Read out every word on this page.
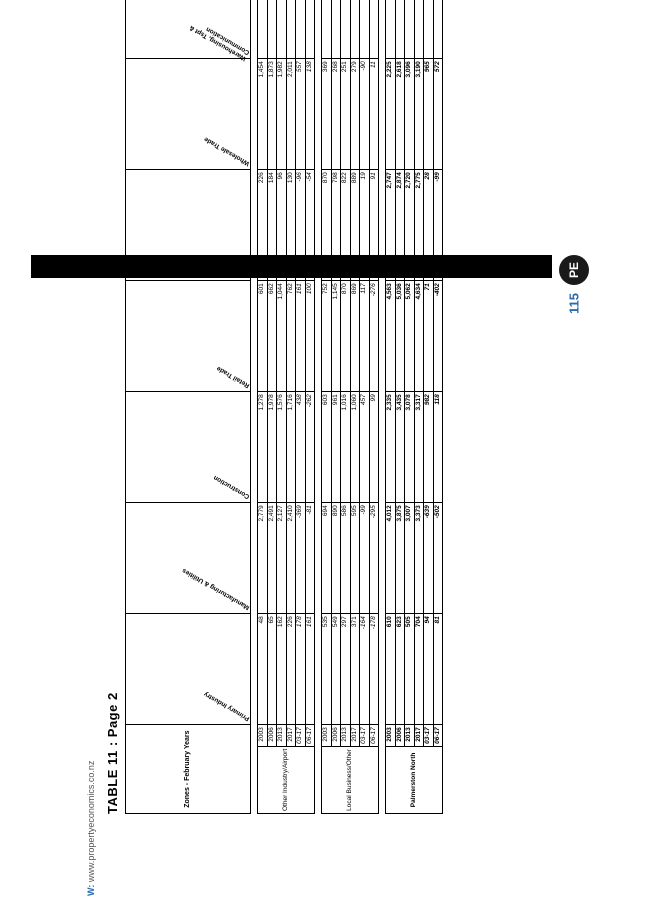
PE
115
W: www.propertyeconomics.co.nz
TABLE 11 : Page 2	Zones - February Years		Primary Industry	Manufacturing & Utilities	Construction	Retail Trade	Hospitality	Wholesale Trade	Warehousing, Tspt & Communication

Other Industry/Airport	2003	48	2,779	1,278	601	226	1,454										
	2006	65	2,491	1,978	662	184	1,873										
	2013	162	2,127	1,576	1,044	96	1,982										
	2017	226	2,410	1,716	762	130	2,011										
	03-17	178	-369	438	161	-96	557										
	06-17	161	-81	-262	100	-54	138										

Local Business/Other	2003	535	694	603	752	870	369										
	2006	549	890	961	1,145	798	268										
	2013	297	586	1,016	870	822	251										
	2017	371	595	1,060	869	889	279										
	03-17	-164	-99	457	117	19	-90										
	06-17	-178	-295	99	-276	91	11										

Palmerston North	2003	610	4,012	2,335	4,563	2,747	2,225										
	2006	623	3,875	3,435	5,036	2,874	2,618										
	2013	505	3,007	3,078	5,062	2,720	3,096										
	2017	704	3,373	3,317	4,634	2,775	3,190										
	03-17	94	-639	982	71	28	965										
	06-17	81	-502	118	-402	-99	572										
